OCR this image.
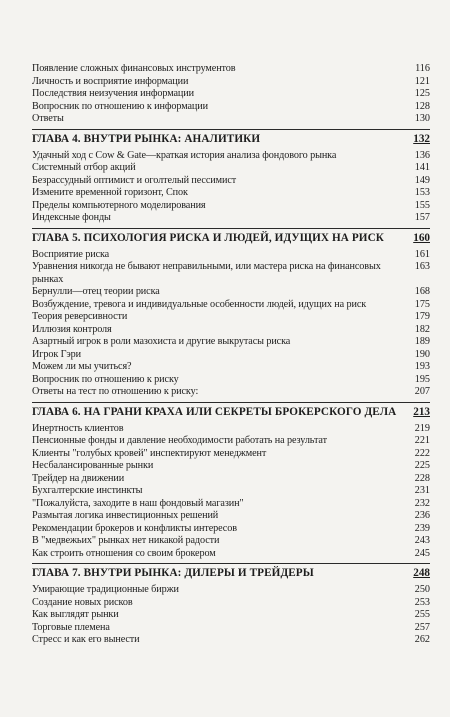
Появление сложных финансовых инструментов	116
Личность и восприятие информации	121
Последствия неизучения информации	125
Вопросник по отношению к информации	128
Ответы	130
ГЛАВА 4. ВНУТРИ РЫНКА: АНАЛИТИКИ	132
Удачный ход с Cow & Gate—краткая история анализа фондового рынка	136
Системный отбор акций	141
Безрассудный оптимист и оголтелый пессимист	149
Измените временной горизонт, Спок	153
Пределы компьютерного моделирования	155
Индексные фонды	157
ГЛАВА 5. ПСИХОЛОГИЯ РИСКА И ЛЮДЕЙ, ИДУЩИХ НА РИСК	160
Восприятие риска	161
Уравнения никогда не бывают неправильными, или мастера риска на финансовых рынках
163
Бернулли—отец теории риска	168
Возбуждение, тревога и индивидуальные особенности людей, идущих на риск	175
Теория реверсивности	179
Иллюзия контроля	182
Азартный игрок в роли мазохиста и другие выкрутасы риска	189
Игрок Гэри	190
Можем ли мы учиться?	193
Вопросник по отношению к риску	195
Ответы на тест по отношению к риску:	207
ГЛАВА 6. НА ГРАНИ КРАХА ИЛИ СЕКРЕТЫ БРОКЕРСКОГО ДЕЛА 213
Инертность клиентов	219
Пенсионные фонды и давление необходимости работать на результат	221
Клиенты "голубых кровей" инспектируют менеджмент	222
Несбалансированные рынки	225
Трейдер на движении	228
Бухгалтерские инстинкты	231
"Пожалуйста, заходите в наш фондовый магазин"	232
Размытая логика инвестиционных решений	236
Рекомендации брокеров и конфликты интересов	239
В "медвежьих" рынках нет никакой радости	243
Как строить отношения со своим брокером	245
ГЛАВА 7. ВНУТРИ РЫНКА: ДИЛЕРЫ И ТРЕЙДЕРЫ	248
Умирающие традиционные биржи	250
Создание новых рисков	253
Как выглядят рынки	255
Торговые племена	257
Стресс и как его вынести	262
